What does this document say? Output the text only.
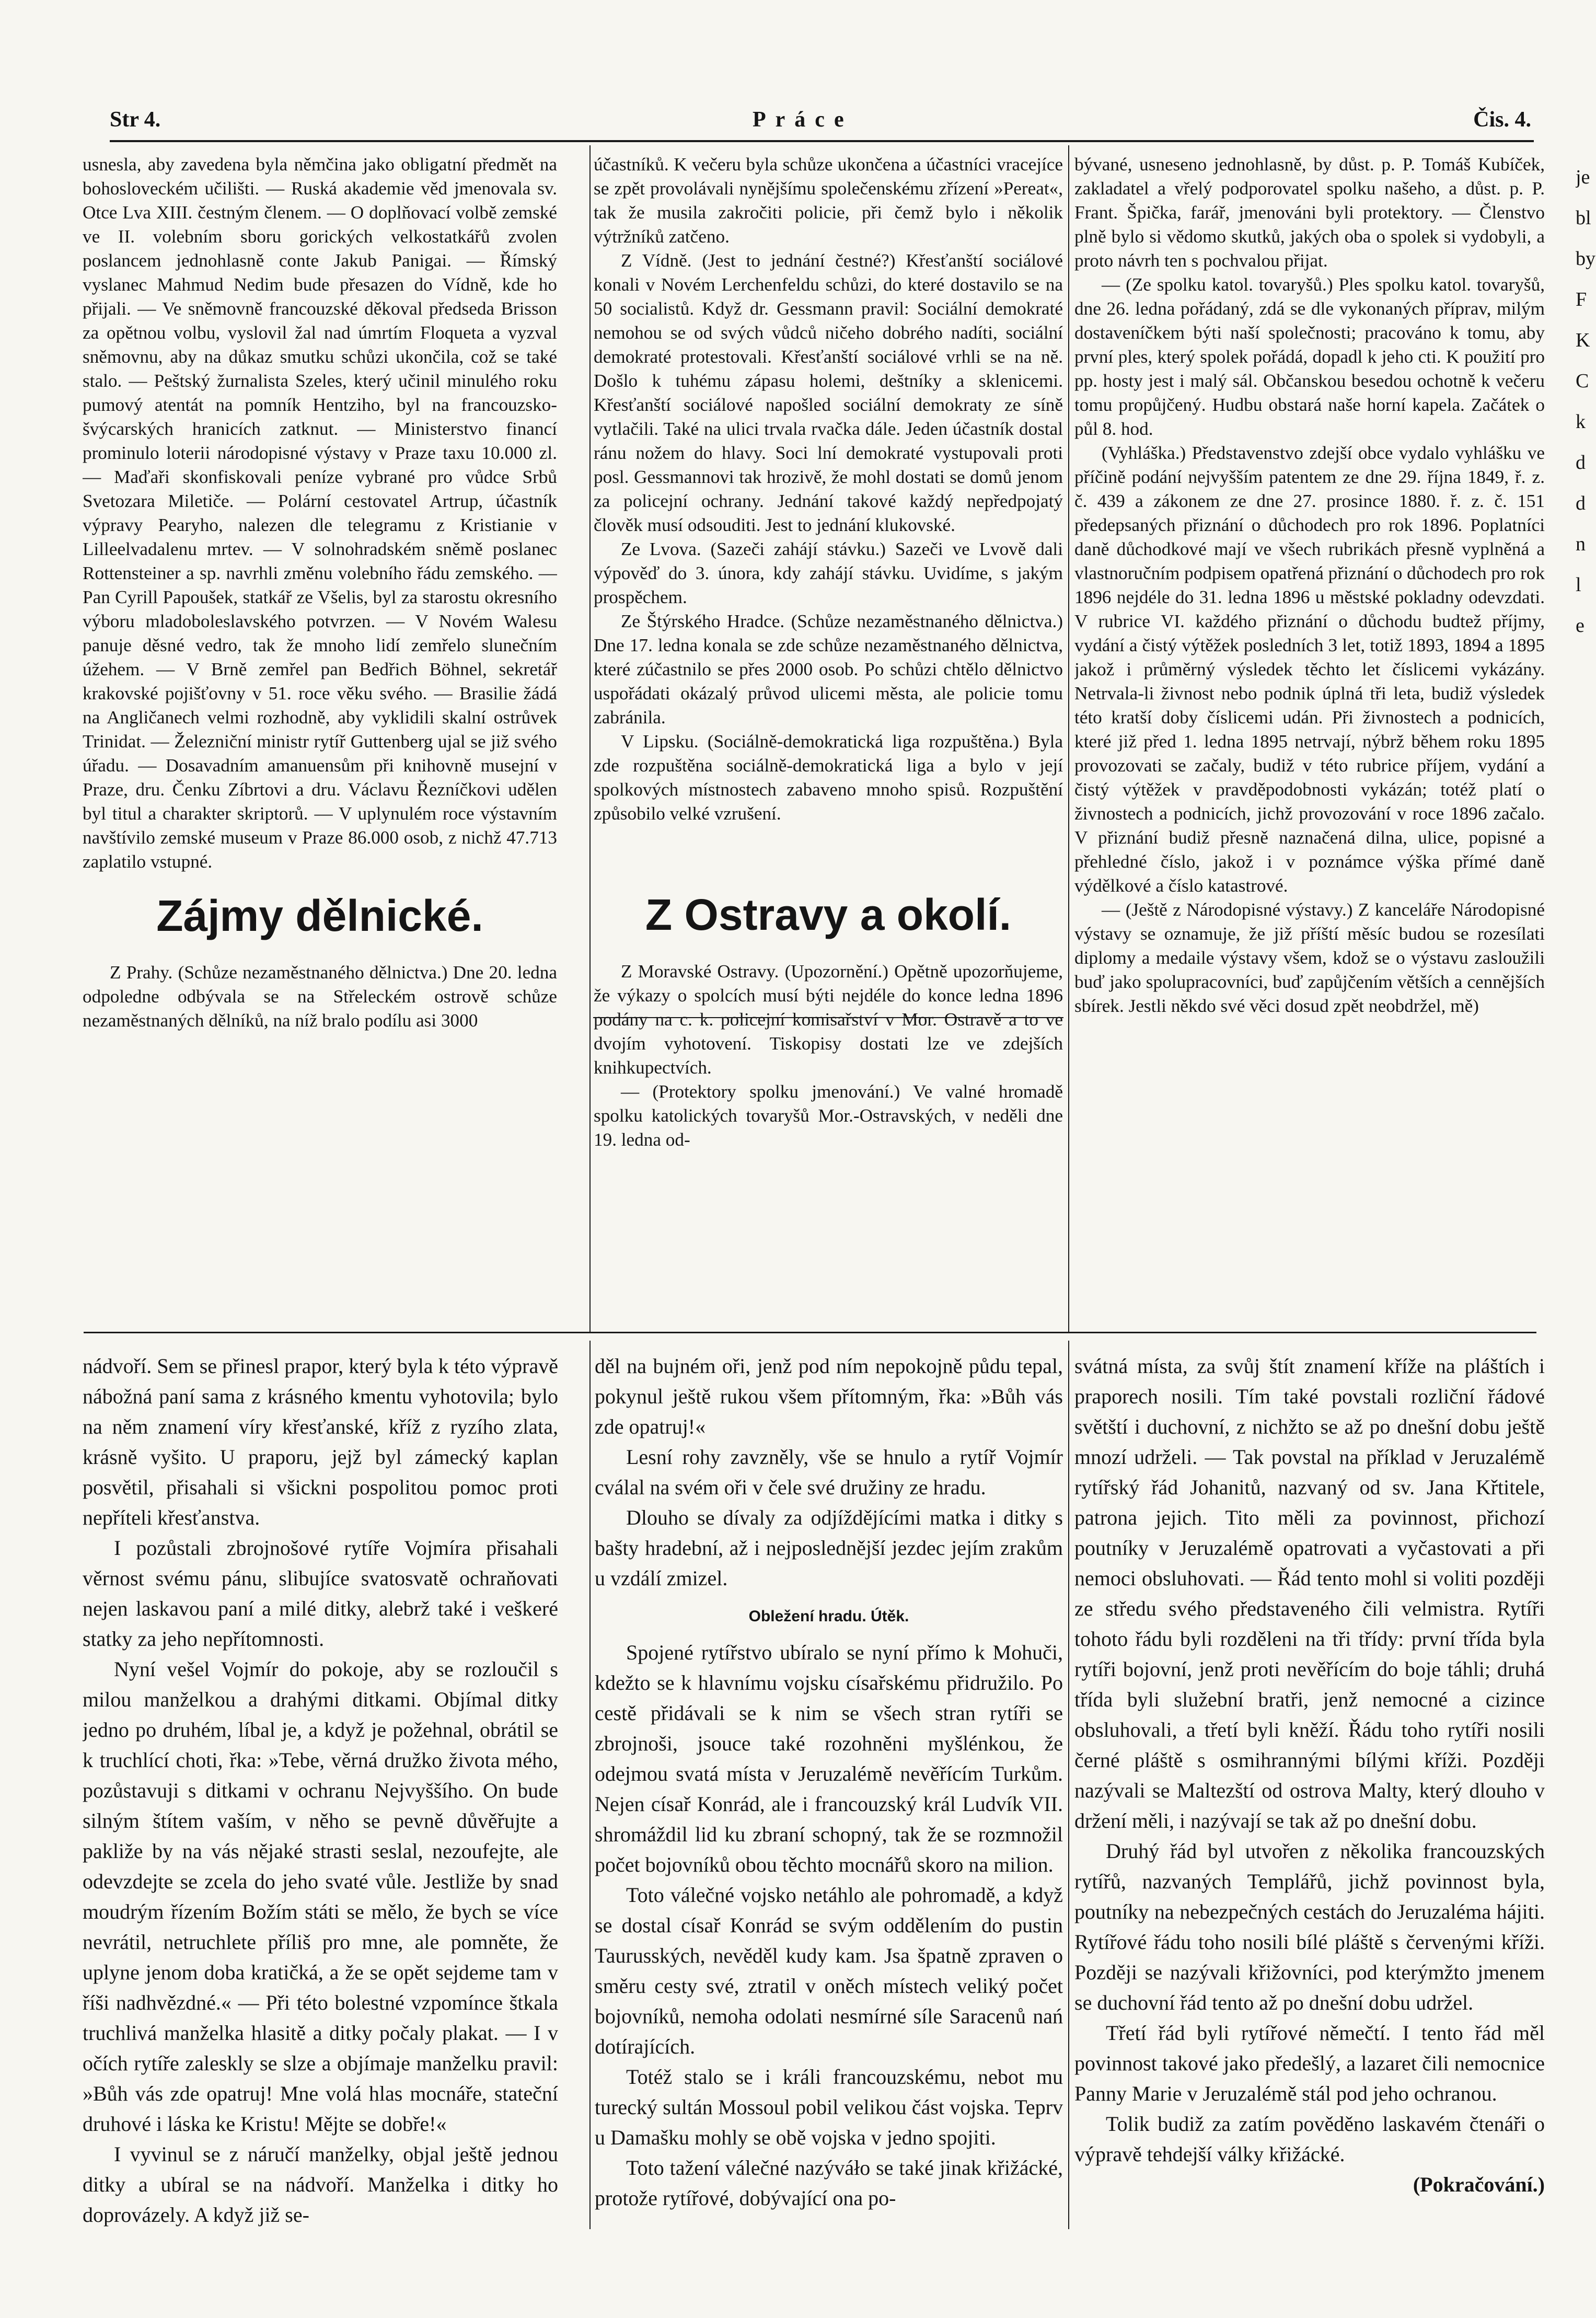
Str 4.	Práce	Čis. 4.

usnesla, aby zavedena byla němčina jako obligatní předmět na bohosloveckém učilišti. — Ruská akademie věd jmenovala sv. Otce Lva XIII. čestným členem. — O doplňovací volbě zemské ve II. volebním sboru gorických velkostatkářů zvolen poslancem jednohlasně conte Jakub Panigai. — Římský vyslanec Mahmud Nedim bude přesazen do Vídně, kde ho přijali. — Ve sněmovně francouzské děkoval předseda Brisson za opětnou volbu, vyslovil žal nad úmrtím Floqueta a vyzval sněmovnu, aby na důkaz smutku schůzi ukončila, což se také stalo. — Peštský žurnalista Szeles, který učinil minulého roku pumový atentát na pomník Hentziho, byl na francouzsko-švýcarských hranicích zatknut. — Ministerstvo financí prominulo loterii národopisné výstavy v Praze taxu 10.000 zl. — Maďaři skonfiskovali peníze vybrané pro vůdce Srbů Svetozara Miletiče. — Polární cestovatel Artrup, účastník výpravy Pearyho, nalezen dle telegramu z Kristianie v Lilleelvadalenu mrtev. — V solnohradském sněmě poslanec Rottensteiner a sp. navrhli změnu volebního řádu zemského. — Pan Cyrill Papoušek, statkář ze Všelis, byl za starostu okresního výboru mladoboleslavského potvrzen. — V Novém Walesu panuje děsné vedro, tak že mnoho lidí zemřelo slunečním úžehem. — V Brně zemřel pan Bedřich Böhnel, sekretář krakovské pojišťovny v 51. roce věku svého. — Brasilie žádá na Angličanech velmi rozhodně, aby vyklidili skalní ostrůvek Trinidat. — Železniční ministr rytíř Guttenberg ujal se již svého úřadu. — Dosavadním amanuensům při knihovně musejní v Praze, dru. Čenku Zíbrtovi a dru. Václavu Řezníčkovi udělen byl titul a charakter skriptorů. — V uplynulém roce výstavním navštívilo zemské museum v Praze 86.000 osob, z nichž 47.713 zaplatilo vstupné.

Zájmy dělnické.

Z Prahy. (Schůze nezaměstnaného dělnictva.) Dne 20. ledna odpoledne odbývala se na Střeleckém ostrově schůze nezaměstnaných dělníků, na níž bralo podílu asi 3000

účastníků. K večeru byla schůze ukončena a účastníci vracejíce se zpět provolávali nynějšímu společenskému zřízení »Pereat«, tak že musila zakročiti policie, při čemž bylo i několik výtržníků zatčeno.

Z Vídně. (Jest to jednání čestné?) Křesťanští sociálové konali v Novém Lerchenfeldu schůzi, do které dostavilo se na 50 socialistů. Když dr. Gessmann pravil: Sociální demokraté nemohou se od svých vůdců ničeho dobrého nadíti, sociální demokraté protestovali. Křesťanští sociálové vrhli se na ně. Došlo k tuhému zápasu holemi, deštníky a sklenicemi. Křesťanští sociálové napošled sociální demokraty ze síně vytlačili. Také na ulici trvala rvačka dále. Jeden účastník dostal ránu nožem do hlavy. Soci lní demokraté vystupovali proti posl. Gessmannovi tak hrozivě, že mohl dostati se domů jenom za policejní ochrany. Jednání takové každý nepředpojatý člověk musí odsouditi. Jest to jednání klukovské.

Ze Lvova. (Sazeči zahájí stávku.) Sazeči ve Lvově dali výpověď do 3. února, kdy zahájí stávku. Uvidíme, s jakým prospěchem.

Ze Štýrského Hradce. (Schůze nezaměstnaného dělnictva.) Dne 17. ledna konala se zde schůze nezaměstnaného dělnictva, které zúčastnilo se přes 2000 osob. Po schůzi chtělo dělnictvo uspořádati okázalý průvod ulicemi města, ale policie tomu zabránila.

V Lipsku. (Sociálně-demokratická liga rozpuštěna.) Byla zde rozpuštěna sociálně-demokratická liga a bylo v její spolkových místnostech zabaveno mnoho spisů. Rozpuštění způsobilo velké vzrušení.

Z Ostravy a okolí.

Z Moravské Ostravy. (Upozornění.) Opětně upozorňujeme, že výkazy o spolcích musí býti nejdéle do konce ledna 1896 podány na c. k. policejní komisařství v Mor. Ostravě a to ve dvojím vyhotovení. Tiskopisy dostati lze ve zdejších knihkupectvích.

— (Protektory spolku jmenování.) Ve valné hromadě spolku katolických tovaryšů Mor.-Ostravských, v neděli dne 19. ledna od-

bývané, usneseno jednohlasně, by důst. p. P. Tomáš Kubíček, zakladatel a vřelý podporovatel spolku našeho, a důst. p. P. Frant. Špička, farář, jmenováni byli protektory. — Členstvo plně bylo si vědomo skutků, jakých oba o spolek si vydobyli, a proto návrh ten s pochvalou přijat.

— (Ze spolku katol. tovaryšů.) Ples spolku katol. tovaryšů, dne 26. ledna pořádaný, zdá se dle vykonaných příprav, milým dostaveníčkem býti naší společnosti; pracováno k tomu, aby první ples, který spolek pořádá, dopadl k jeho cti. K použití pro pp. hosty jest i malý sál. Občanskou besedou ochotně k večeru tomu propůjčený. Hudbu obstará naše horní kapela. Začátek o půl 8. hod.

(Vyhláška.) Představenstvo zdejší obce vydalo vyhlášku ve příčině podání nejvyšším patentem ze dne 29. října 1849, ř. z. č. 439 a zákonem ze dne 27. prosince 1880. ř. z. č. 151 předepsaných přiznání o důchodech pro rok 1896. Poplatníci daně důchodkové mají ve všech rubrikách přesně vyplněná a vlastnoručním podpisem opatřená přiznání o důchodech pro rok 1896 nejdéle do 31. ledna 1896 u městské pokladny odevzdati. V rubrice VI. každého přiznání o důchodu budtež příjmy, vydání a čistý výtěžek posledních 3 let, totiž 1893, 1894 a 1895 jakož i průměrný výsledek těchto let číslicemi vykázány. Netrvala-li živnost nebo podnik úplná tři leta, budiž výsledek této kratší doby číslicemi udán. Při živnostech a podnicích, které již před 1. ledna 1895 netrvají, nýbrž během roku 1895 provozovati se začaly, budiž v této rubrice příjem, vydání a čistý výtěžek v pravděpodobnosti vykázán; totéž platí o živnostech a podnicích, jichž provozování v roce 1896 začalo. V přiznání budiž přesně naznačená dilna, ulice, popisné a přehledné číslo, jakož i v poznámce výška přímé daně výdělkové a číslo katastrové.

— (Ještě z Národopisné výstavy.) Z kanceláře Národopisné výstavy se oznamuje, že již příští měsíc budou se rozesílati diplomy a medaile výstavy všem, kdož se o výstavu zasloužili buď jako spolupracovníci, buď zapůjčením větších a cennějších sbírek. Jestli někdo své věci dosud zpět neobdržel, mě)

nádvoří. Sem se přinesl prapor, který byla k této výpravě nábožná paní sama z krásného kmentu vyhotovila; bylo na něm znamení víry křesťanské, kříž z ryzího zlata, krásně vyšito. U praporu, jejž byl zámecký kaplan posvětil, přisahali si všickni pospolitou pomoc proti nepříteli křesťanstva.

I pozůstali zbrojnošové rytíře Vojmíra přisahali věrnost svému pánu, slibujíce svatosvatě ochraňovati nejen laskavou paní a milé ditky, alebrž také i veškeré statky za jeho nepřítomnosti.

Nyní vešel Vojmír do pokoje, aby se rozloučil s milou manželkou a drahými ditkami. Objímal ditky jedno po druhém, líbal je, a když je požehnal, obrátil se k truchlící choti, řka: »Tebe, věrná družko života mého, pozůstavuji s ditkami v ochranu Nejvyššího. On bude silným štítem vaším, v něho se pevně důvěřujte a pakliže by na vás nějaké strasti seslal, nezoufejte, ale odevzdejte se zcela do jeho svaté vůle. Jestliže by snad moudrým řízením Božím státi se mělo, že bych se více nevrátil, netruchlete příliš pro mne, ale pomněte, že uplyne jenom doba kratičká, a že se opět sejdeme tam v říši nadhvězdné.« — Při této bolestné vzpomínce štkala truchlivá manželka hlasitě a ditky počaly plakat. — I v očích rytíře zaleskly se slze a objímaje manželku pravil: »Bůh vás zde opatruj! Mne volá hlas mocnáře, stateční druhové i láska ke Kristu! Mějte se dobře!«

I vyvinul se z náručí manželky, objal ještě jednou ditky a ubíral se na nádvoří. Manželka i ditky ho doprovázely. A když již se-

děl na bujném oři, jenž pod ním nepokojně půdu tepal, pokynul ještě rukou všem přítomným, řka: »Bůh vás zde opatruj!«

Lesní rohy zavzněly, vše se hnulo a rytíř Vojmír cválal na svém oři v čele své družiny ze hradu.

Dlouho se dívaly za odjíždějícími matka i ditky s bašty hradební, až i nejposlednější jezdec jejím zrakům u vzdálí zmizel.

Obležení hradu. Útěk.

Spojené rytířstvo ubíralo se nyní přímo k Mohuči, kdežto se k hlavnímu vojsku císařskému přidružilo. Po cestě přidávali se k nim se všech stran rytíři se zbrojnoši, jsouce také rozohněni myšlénkou, že odejmou svatá místa v Jeruzalémě nevěřícím Turkům. Nejen císař Konrád, ale i francouzský král Ludvík VII. shromáždil lid ku zbraní schopný, tak že se rozmnožil počet bojovníků obou těchto mocnářů skoro na milion.

Toto válečné vojsko netáhlo ale pohromadě, a když se dostal císař Konrád se svým oddělením do pustin Taurusských, nevěděl kudy kam. Jsa špatně zpraven o směru cesty své, ztratil v oněch místech veliký počet bojovníků, nemoha odolati nesmírné síle Saracenů nań dotírajících.

Totéž stalo se i králi francouzskému, nebot mu turecký sultán Mossoul pobil velikou část vojska. Teprv u Damašku mohly se obě vojska v jedno spojiti.

Toto tažení válečné nazýváło se také jinak křižácké, protože rytířové, dobývající ona po-

svátná místa, za svůj štít znamení kříže na pláštích i praporech nosili. Tím také povstali rozliční řádové světští i duchovní, z nichžto se až po dnešní dobu ještě mnozí udrželi. — Tak povstal na příklad v Jeruzalémě rytířský řád Johanitů, nazvaný od sv. Jana Křtitele, patrona jejich. Tito měli za povinnost, přichozí poutníky v Jeruzalémě opatrovati a vyčastovati a při nemoci obsluhovati. — Řád tento mohl si voliti později ze středu svého představeného čili velmistra. Rytíři tohoto řádu byli rozděleni na tři třídy: první třída byla rytíři bojovní, jenž proti nevěřícím do boje táhli; druhá třída byli služební bratři, jenž nemocné a cizince obsluhovali, a třetí byli kněží. Řádu toho rytíři nosili černé pláště s osmihrannými bílými kříži. Později nazývali se Maltezští od ostrova Malty, který dlouho v držení měli, i nazývají se tak až po dnešní dobu.

Druhý řád byl utvořen z několika francouzských rytířů, nazvaných Templářů, jichž povinnost byla, poutníky na nebezpečných cestách do Jeruzaléma hájiti. Rytířové řádu toho nosili bílé pláště s červenými kříži. Později se nazývali křižovníci, pod kterýmžto jmenem se duchovní řád tento až po dnešní dobu udržel.

Třetí řád byli rytířové němečtí. I tento řád měl povinnost takové jako předešlý, a lazaret čili nemocnice Panny Marie v Jeruzalémě stál pod jeho ochranou.

Tolik budiž za zatím pověděno laskavém čtenáři o výpravě tehdejší války křižácké.

(Pokračování.)

je
bl
by
F
K
C
k
d
d
n
l
e
